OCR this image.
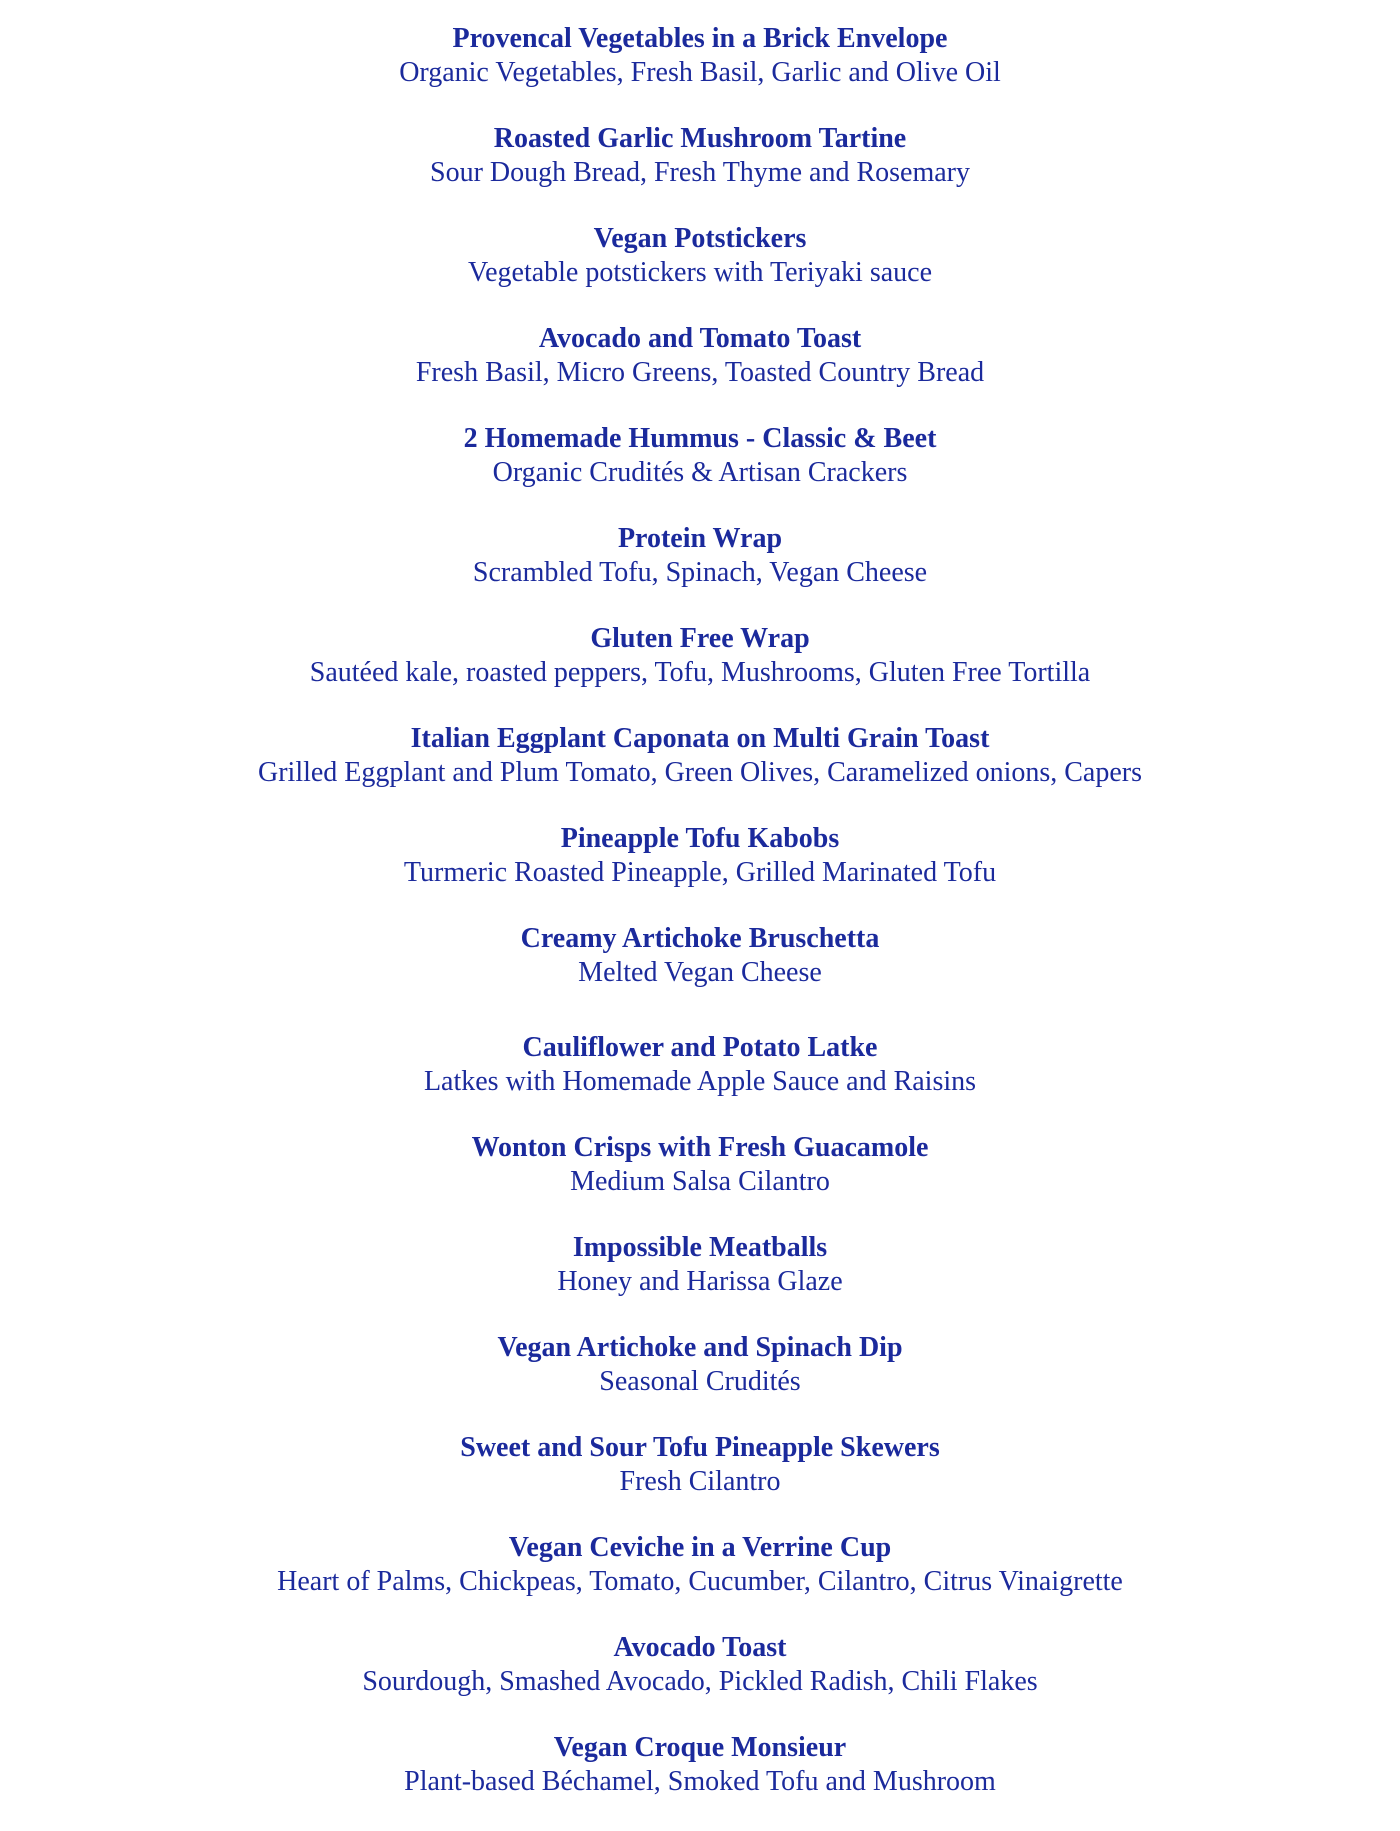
Provencal Vegetables in a Brick Envelope

Organic Vegetables, Fresh Basil, Garlic and Olive Oil

Roasted Garlic Mushroom Tartine

Sour Dough Bread, Fresh Thyme and Rosemary

Vegan Potstickers

Vegetable potstickers with Teriyaki sauce

Avocado and Tomato Toast

Fresh Basil, Micro Greens, Toasted Country Bread

2 Homemade Hummus - Classic & Beet

Organic Crudités & Artisan Crackers

Protein Wrap

Scrambled Tofu, Spinach, Vegan Cheese

Gluten Free Wrap

Sautéed kale, roasted peppers, Tofu, Mushrooms, Gluten Free Tortilla

Italian Eggplant Caponata on Multi Grain Toast

Grilled Eggplant and Plum Tomato, Green Olives, Caramelized onions, Capers

Pineapple Tofu Kabobs

Turmeric Roasted Pineapple, Grilled Marinated Tofu

Creamy Artichoke Bruschetta

Melted Vegan Cheese

Cauliflower and Potato Latke

Latkes with Homemade Apple Sauce and Raisins

Wonton Crisps with Fresh Guacamole

Medium Salsa Cilantro

Impossible Meatballs

Honey and Harissa Glaze

Vegan Artichoke and Spinach Dip

Seasonal Crudités

Sweet and Sour Tofu Pineapple Skewers

Fresh Cilantro

Vegan Ceviche in a Verrine Cup

Heart of Palms, Chickpeas, Tomato, Cucumber, Cilantro, Citrus Vinaigrette

Avocado Toast

Sourdough, Smashed Avocado, Pickled Radish, Chili Flakes

Vegan Croque Monsieur

Plant-based Béchamel, Smoked Tofu and Mushroom
